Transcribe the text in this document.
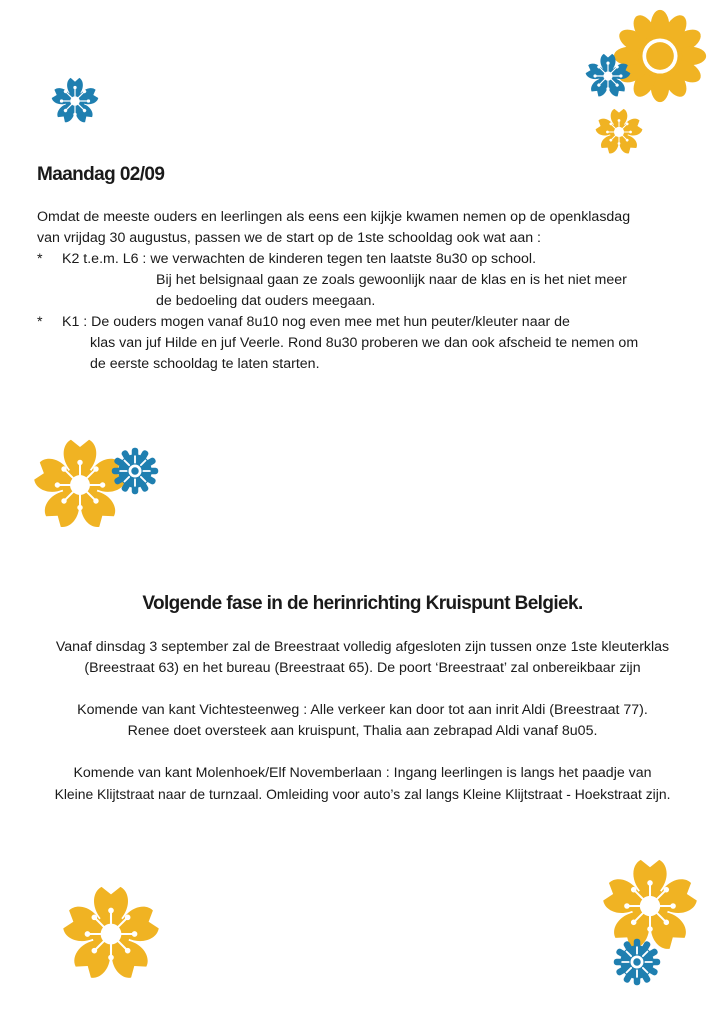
Maandag 02/09

Omdat de meeste ouders en leerlingen als eens een kijkje kwamen nemen op de openklasdag

van vrijdag 30 augustus, passen we de start op de 1ste schooldag ook wat aan :

* K2 t.e.m. L6 : we verwachten de kinderen tegen ten laatste 8u30 op school.

Bij het belsignaal gaan ze zoals gewoonlijk naar de klas en is het niet meer

de bedoeling dat ouders meegaan.

* K1 : De ouders mogen vanaf 8u10 nog even mee met hun peuter/kleuter naar de

klas van juf Hilde en juf Veerle. Rond 8u30 proberen we dan ook afscheid te nemen om

de eerste schooldag te laten starten.

Volgende fase in de herinrichting Kruispunt Belgiek.

Vanaf dinsdag 3 september zal de Breestraat volledig afgesloten zijn tussen onze 1ste kleuterklas

(Breestraat 63) en het bureau (Breestraat 65). De poort ‘Breestraat’ zal onbereikbaar zijn

Komende van kant Vichtesteenweg : Alle verkeer kan door tot aan inrit Aldi (Breestraat 77).

Renee doet oversteek aan kruispunt, Thalia aan zebrapad Aldi vanaf 8u05.

Komende van kant Molenhoek/Elf Novemberlaan : Ingang leerlingen is langs het paadje van

Kleine Klijtstraat naar de turnzaal. Omleiding voor auto’s zal langs Kleine Klijtstraat - Hoekstraat zijn.
